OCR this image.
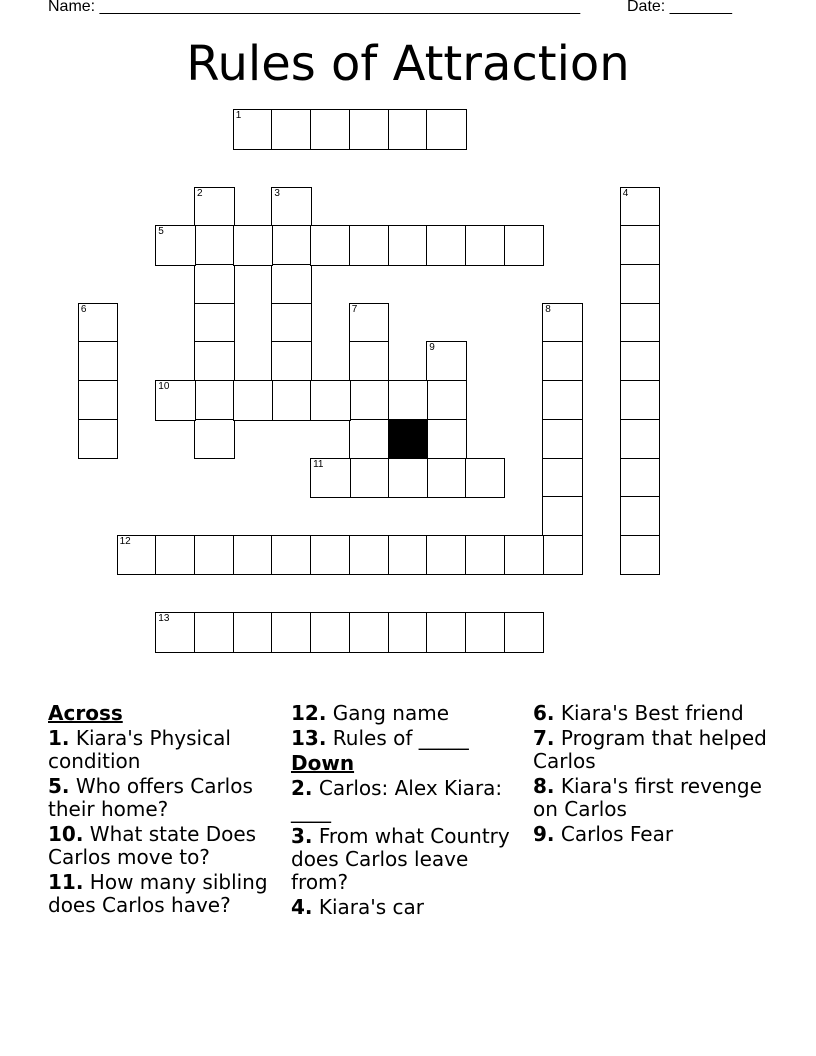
Name: ______________________________________________________	Date: _______
Rules of Attraction
1
2	3	4
5
6	7	8
9
10
11
12
13
Across
1. Kiara's Physical condition
5. Who offers Carlos their home?
10. What state Does Carlos move to?
11. How many sibling does Carlos have?
12. Gang name
13. Rules of _____
Down
2. Carlos: Alex Kiara: ____
3. From what Country does Carlos leave from?
4. Kiara's car
6. Kiara's Best friend
7. Program that helped Carlos
8. Kiara's first revenge on Carlos
9. Carlos Fear
